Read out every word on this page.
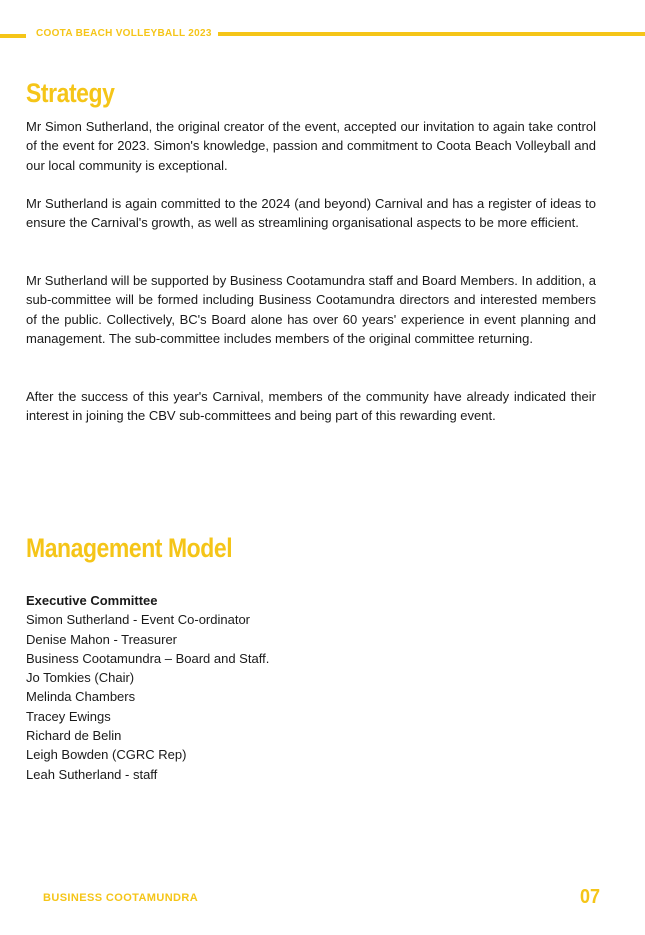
COOTA BEACH VOLLEYBALL 2023
Strategy

Mr Simon Sutherland, the original creator of the event, accepted our invitation to again take control of the event for 2023. Simon's knowledge, passion and commitment to Coota Beach Volleyball and our local community is exceptional.

Mr Sutherland is again committed to the 2024 (and beyond) Carnival and has a register of ideas to ensure the Carnival's growth, as well as streamlining organisational aspects to be more efficient.

Mr Sutherland will be supported by Business Cootamundra staff and Board Members. In addition, a sub-committee will be formed including Business Cootamundra directors and interested members of the public. Collectively, BC's Board alone has over 60 years' experience in event planning and management. The sub-committee includes members of the original committee returning.

After the success of this year's Carnival, members of the community have already indicated their interest in joining the CBV sub-committees and being part of this rewarding event.

Management Model
Executive Committee
Simon Sutherland - Event Co-ordinator
Denise Mahon - Treasurer
Business Cootamundra – Board and Staff.
Jo Tomkies (Chair)
Melinda Chambers
Tracey Ewings
Richard de Belin
Leigh Bowden (CGRC Rep)
Leah Sutherland - staff
BUSINESS COOTAMUNDRA	07
